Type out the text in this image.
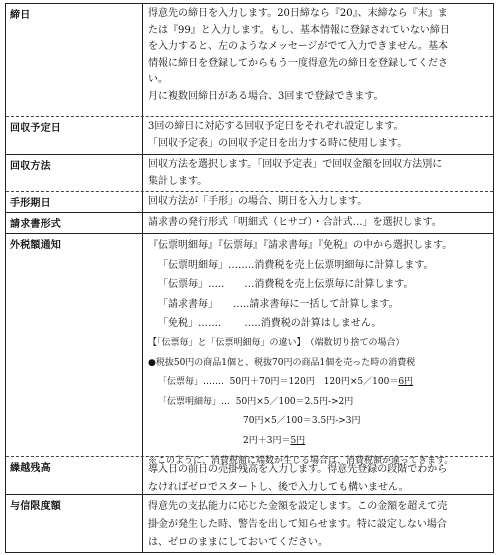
締日	得意先の締日を入力します。20日締なら『20』、末締なら『末』ま
たは『99』と入力します。もし、基本情報に登録されていない締日
を入力すると、左のようなメッセージがでて入力できません。基本
情報に締日を登録してからもう一度得意先の締日を登録してくださ
い。
月に複数回締日がある場合、3回まで登録できます。
回収予定日	3回の締日に対応する回収予定日をそれぞれ設定します。
「回収予定表」の回収予定日を出力する時に使用します。
回収方法	回収方法を選択します。「回収予定表」で回収金額を回収方法別に
集計します。
手形期日	回収方法が「手形」の場合、期日を入力します。
請求書形式	請求書の発行形式「明細式（ヒサゴ）・合計式…」を選択します。
外税額通知	『伝票明細毎』『伝票毎』『請求書毎』『免税』の中から選択します。
「伝票明細毎」……..消費税を売上伝票明細毎に計算します。
「伝票毎」…..　　…消費税を売上伝票毎に計算します。
「請求書毎」　　…..請求書毎に一括して計算します。
「免税」…….　　 …..消費税の計算はしません。
【「伝票毎」と「伝票明細毎」の違い】　（端数切り捨ての場合）
●税抜50円の商品1個と、税抜70円の商品1個を売った時の消費税
「伝票毎」……. 50円＋70円＝120円　120円×5／100＝6円
「伝票明細毎」… 50円×5／100＝2.5円->2円
70円×5／100＝3.5円->3円
2円＋3円＝5円
※このように、消費税額に端数が生じる場合は、消費税額が違ってきます。
繰越残高	導入日の前日の売掛残高を入力します。得意先登録の段階でわから
なければゼロでスタートし、後で入力しても構いません。
与信限度額	得意先の支払能力に応じた金額を設定します。この金額を超えて売
掛金が発生した時、警告を出して知らせます。特に設定しない場合
は、ゼロのままにしておいてください。
